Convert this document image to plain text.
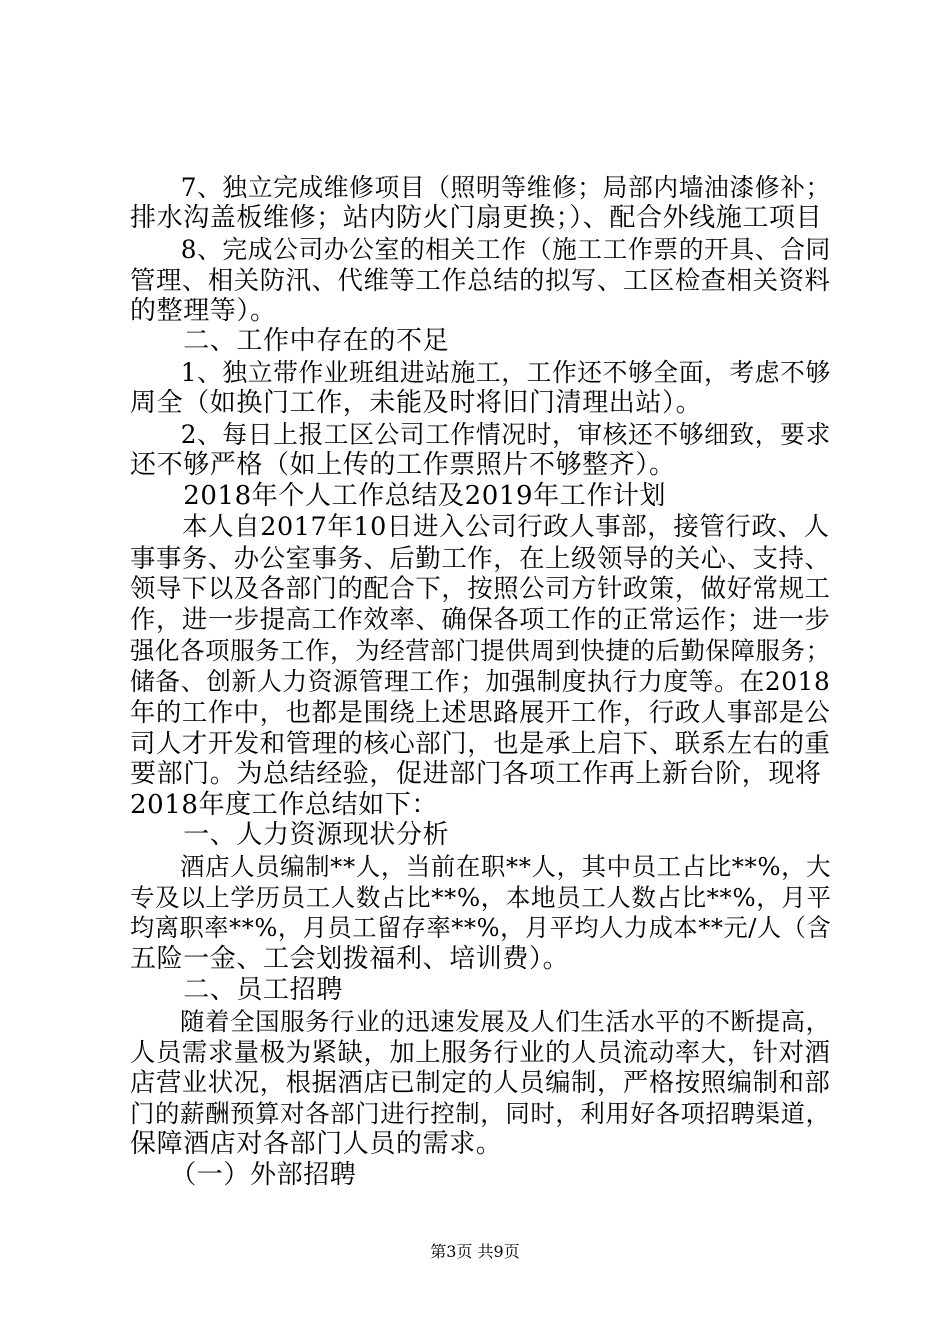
　　7、独立完成维修项目（照明等维修；局部内墙油漆修补；
排水沟盖板维修；站内防火门扇更换；）、配合外线施工项目
　　8、完成公司办公室的相关工作（施工工作票的开具、合同
管理、相关防汛、代维等工作总结的拟写、工区检查相关资料
的整理等）。
　　二、工作中存在的不足
　　1、独立带作业班组进站施工，工作还不够全面，考虑不够
周全（如换门工作，未能及时将旧门清理出站）。
　　2、每日上报工区公司工作情况时，审核还不够细致，要求
还不够严格（如上传的工作票照片不够整齐）。
　　2018年个人工作总结及2019年工作计划
　　本人自2017年10日进入公司行政人事部，接管行政、人
事事务、办公室事务、后勤工作，在上级领导的关心、支持、
领导下以及各部门的配合下，按照公司方针政策，做好常规工
作，进一步提高工作效率、确保各项工作的正常运作；进一步
强化各项服务工作，为经营部门提供周到快捷的后勤保障服务；
储备、创新人力资源管理工作；加强制度执行力度等。在2018
年的工作中，也都是围绕上述思路展开工作，行政人事部是公
司人才开发和管理的核心部门，也是承上启下、联系左右的重
要部门。为总结经验，促进部门各项工作再上新台阶，现将
2018年度工作总结如下：
　　一、人力资源现状分析
　　酒店人员编制**人，当前在职**人，其中员工占比**%，大
专及以上学历员工人数占比**%，本地员工人数占比**%，月平
均离职率**%，月员工留存率**%，月平均人力成本**元/人（含
五险一金、工会划拨福利、培训费）。
　　二、员工招聘
　　随着全国服务行业的迅速发展及人们生活水平的不断提高，
人员需求量极为紧缺，加上服务行业的人员流动率大，针对酒
店营业状况，根据酒店已制定的人员编制，严格按照编制和部
门的薪酬预算对各部门进行控制，同时，利用好各项招聘渠道，
保障酒店对各部门人员的需求。
　　（一）外部招聘
第3页 共9页
